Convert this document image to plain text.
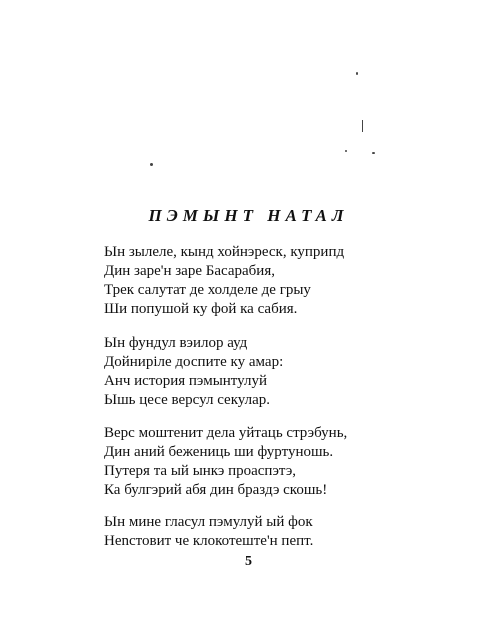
ПЭМЫНТ НАТАЛ
Ын зылеле, кынд хойнэреск, куприпд
Дин заре'н заре Басарабия,
Трек салутат де холделе де грыу
Ши попушой ку фой ка сабия.
Ын фундул вэилор ауд
Дойниріле доспите ку амар:
Анч история пэмынтулуй
Ышь цесе версул секулар.
Верс моштенит дела уйтаць стрэбунь,
Дин аний бежениць ши фуртуношь.
Путеря та ый ынкэ проаспэтэ,
Ка булгэрий абя дин браздэ скошь!
Ын мине гласул пэмулуй ый фок
Неnстовит че клокотеште'н пепт.
5
